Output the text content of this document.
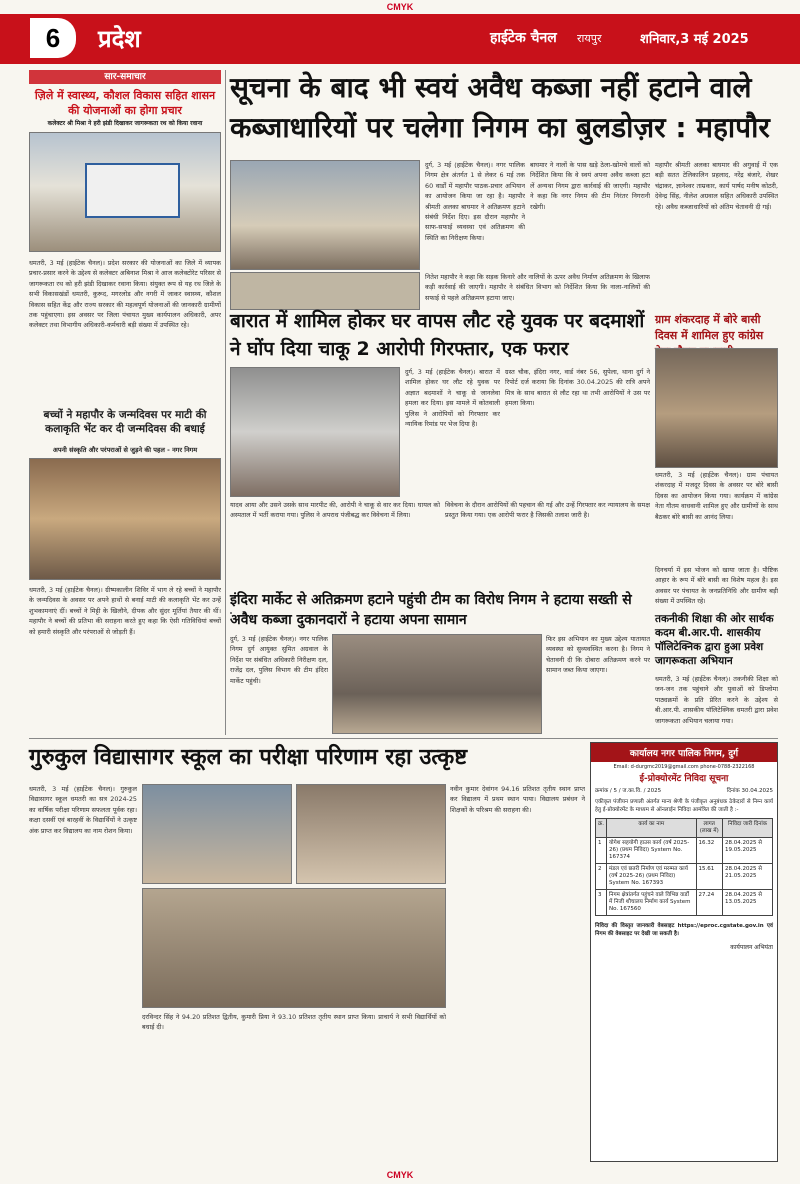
CMYK
6	प्रदेश	हाईटेक चैनल रायपुर	शनिवार,3 मई 2025
सार-समाचार
ज़िले में स्वास्थ्य, कौशल विकास सहित शासन की योजनाओं का होगा प्रचार
कलेक्टर श्री मिश्रा ने हरी झंडी दिखाकर जागरूकता रथ को किया रवाना
धमतरी, 3 मई (हाईटेक चैनल)। प्रदेश सरकार की योजनाओं का जिले में व्यापक प्रचार-प्रसार करने के उद्देश्य से कलेक्टर अबिनाश मिश्रा ने आज कलेक्टोरेट परिसर से जागरूकता रथ को हरी झंडी दिखाकर रवाना किया। संयुक्त रूप से यह रथ जिले के सभी विकासखंडों धमतरी, कुरूद, मगरलोड और नगरी में जाकर स्वास्थ्य, कौशल विकास सहित केंद्र और राज्य सरकार की महत्वपूर्ण योजनाओं की जानकारी ग्रामीणों तक पहुंचाएगा। इस अवसर पर जिला पंचायत मुख्य कार्यपालन अधिकारी, अपर कलेक्टर तथा विभागीय अधिकारी-कर्मचारी बड़ी संख्या में उपस्थित रहे।
बच्चों ने महापौर के जन्मदिवस पर माटी की कलाकृति भेंट कर दी जन्मदिवस की बधाई
अपनी संस्कृति और परंपराओं से जुड़ने की पहल - नगर निगम
धमतरी, 3 मई (हाईटेक चैनल)। ग्रीष्मकालीन शिविर में भाग ले रहे बच्चों ने महापौर के जन्मदिवस के अवसर पर अपने हाथों से बनाई माटी की कलाकृति भेंट कर उन्हें शुभकामनाएं दीं। बच्चों ने मिट्टी के खिलौने, दीपक और सुंदर मूर्तियां तैयार की थीं। महापौर ने बच्चों की प्रतिभा की सराहना करते हुए कहा कि ऐसी गतिविधियां बच्चों को हमारी संस्कृति और परंपराओं से जोड़ती हैं।
सूचना के बाद भी स्वयं अवैध कब्जा नहीं हटाने वाले कब्जाधारियों पर चलेगा निगम का बुलडोज़र : महापौर
दुर्ग, 3 मई (हाईटेक चैनल)। नगर पालिक निगम क्षेत्र अंतर्गत 1 से लेकर 6 मई तक 60 वार्डों में महापौर पाठक-प्रचार अभियान का आयोजन किया जा रहा है। महापौर श्रीमती अलका बाघमार ने अतिक्रमण हटाने संबंधी निर्देश दिए। इस दौरान महापौर ने साफ-सफाई व्यवस्था एवं अतिक्रमण की स्थिति का निरीक्षण किया।
बाघमार ने नालों के पास खड़े ठेला-खोमचे वालों को निर्देशित किया कि वे स्वयं अपना अवैध कब्जा हटा लें अन्यथा निगम द्वारा कार्रवाई की जाएगी। महापौर ने कहा कि नगर निगम की टीम निरंतर निगरानी रखेगी।
महापौर श्रीमती अलका बाघमार की अगुवाई में एक बड़ी सतत टेलिकालिन प्रहलाद, नरेंद्र बंजारे, शेखर चंद्राकर, ज्ञानेश्वर ताम्रकार, कार्य पार्षद मनीष कोठरी, देवेन्द्र सिंह, नीलेश अग्रवाल सहित अधिकारी उपस्थित रहे। अवैध कब्जाधारियों को अंतिम चेतावनी दी गई।
नितेश महापौर ने कहा कि सड़क किनारे और नालियों के ऊपर अवैध निर्माण अतिक्रमण के खिलाफ कड़ी कार्रवाई की जाएगी। महापौर ने संबंधित विभाग को निर्देशित किया कि नाला-नालियों की सफाई से पहले अतिक्रमण हटाया जाए।
बारात में शामिल होकर घर वापस लौट रहे युवक पर बदमाशों ने घोंप दिया चाकू 2 आरोपी गिरफ्तार, एक फरार
दुर्ग, 3 मई (हाईटेक चैनल)। बारात में शामिल होकर घर लौट रहे युवक पर अज्ञात बदमाशों ने चाकू से जानलेवा हमला कर दिया। इस मामले में कोतवाली पुलिस ने आरोपियों को गिरफ्तार कर न्यायिक रिमांड पर भेज दिया है।
ग्रस्त चौक, इंदिरा नगर, वार्ड नंबर 56, सुपेला, थाना दुर्ग ने रिपोर्ट दर्ज कराया कि दिनांक 30.04.2025 की रात्रि अपने मित्र के साथ बारात से लौट रहा था तभी आरोपियों ने उस पर हमला किया।
यादव आया और उसने उसके साथ मारपीट की, आरोपी ने चाकू से वार कर दिया। घायल को अस्पताल में भर्ती कराया गया। पुलिस ने अपराध पंजीबद्ध कर विवेचना में लिया।
विवेचना के दौरान आरोपियों की पहचान की गई और उन्हें गिरफ्तार कर न्यायालय के समक्ष प्रस्तुत किया गया। एक आरोपी फरार है जिसकी तलाश जारी है।
ग्राम शंकरदाह में बोरे बासी दिवस में शामिल हुए कांग्रेस
धमतरी, 3 मई (हाईटेक चैनल)। ग्राम पंचायत शंकरदाह में मजदूर दिवस के अवसर पर बोरे बासी दिवस का आयोजन किया गया। कार्यक्रम में कांग्रेस नेता गौतम वाधवानी शामिल हुए और ग्रामीणों के साथ बैठकर बोरे बासी का आनंद लिया।
दिनचर्या में इस भोजन को खाया जाता है। पौष्टिक आहार के रूप में बोरे बासी का विशेष महत्व है। इस अवसर पर पंचायत के जनप्रतिनिधि और ग्रामीण बड़ी संख्या में उपस्थित रहे।
इंदिरा मार्केट से अतिक्रमण हटाने पहुंची टीम का विरोध निगम ने हटाया सख्ती से अवैध कब्जा दुकानदारों ने हटाया अपना सामान
दुर्ग, 3 मई (हाईटेक चैनल)। नगर पालिक निगम दुर्ग आयुक्त सुमित अग्रवाल के निर्देश पर संबंधित अधिकारी निरीक्षण दल, राजेंद्र दल, पुलिस विभाग की टीम इंदिरा मार्केट पहुंची।
फिर इस अभियान का मुख्य उद्देश्य यातायात व्यवस्था को सुव्यवस्थित करना है। निगम ने चेतावनी दी कि दोबारा अतिक्रमण करने पर सामान जब्त किया जाएगा।
तकनीकी शिक्षा की ओर सार्थक कदम बी.आर.पी. शासकीय पॉलिटेक्निक द्वारा हुआ प्रवेश जागरूकता अभियान
धमतरी, 3 मई (हाईटेक चैनल)। तकनीकी शिक्षा को जन-जन तक पहुंचाने और युवाओं को डिप्लोमा पाठ्यक्रमों के प्रति प्रेरित करने के उद्देश्य से बी.आर.पी. शासकीय पॉलिटेक्निक धमतरी द्वारा प्रवेश जागरूकता अभियान चलाया गया।
गुरुकुल विद्यासागर स्कूल का परीक्षा परिणाम रहा उत्कृष्ट
धमतरी, 3 मई (हाईटेक चैनल)। गुरुकुल विद्यासागर स्कूल धमतरी का सत्र 2024-25 का वार्षिक परीक्षा परिणाम सफलता पूर्वक रहा। कक्षा दसवीं एवं बारहवीं के विद्यार्थियों ने उत्कृष्ट अंक प्राप्त कर विद्यालय का नाम रोशन किया।
दरविन्दर सिंह ने 94.20 प्रतिशत द्वितीय, कुमारी प्रिया ने 93.10 प्रतिशत तृतीय स्थान प्राप्त किया। प्राचार्य ने सभी विद्यार्थियों को बधाई दी।
नवीन कुमार देवांगन 94.16 प्रतिशत तृतीय स्थान प्राप्त कर विद्यालय में प्रथम स्थान पाया। विद्यालय प्रबंधन ने शिक्षकों के परिश्रम की सराहना की।
कार्यालय नगर पालिक निगम, दुर्ग
Email: d-durgmc2019@gmail.com phone-0788-2322168
ई-प्रोक्योरमेंट निविदा सूचना
क्रमांक / 5 / ज.का.वि. / 2025	दिनांक 30.04.2025
एकीकृत पंजीयन प्रणाली अंतर्गत मान्य श्रेणी के पंजीकृत अनुबंधक ठेकेदारों से निम्न कार्य हेतु ई-प्रोक्योरमेंट के माध्यम से ऑनलाईन निविदा आमंत्रित की जाती है :-
क्र.	कार्य का नाम	लागत (लाख में)	निविदा जारी दिनांक
1	योगेश सहयोगी हाउस कार्य (वर्ष 2025-26) (प्रथम निविदा) System No. 167374	16.32	28.04.2025 से 19.05.2025
2	मंडल एवं छतरी निर्माण एवं मरम्मत कार्य (वर्ष 2025-26) (प्रथम निविदा) System No. 167393	15.61	28.04.2025 से 21.05.2025
3	निगम क्षेत्रांतर्गत पहुंचने वाले विभिन्न वार्डों में निजी शौचालय निर्माण कार्य System No. 167560	27.24	28.04.2025 से 13.05.2025
निविदा की विस्तृत जानकारी वेबसाइट https://eproc.cgstate.gov.in एवं निगम की वेबसाइट पर देखी जा सकती है।
कार्यपालन अभियंता
CMYK
